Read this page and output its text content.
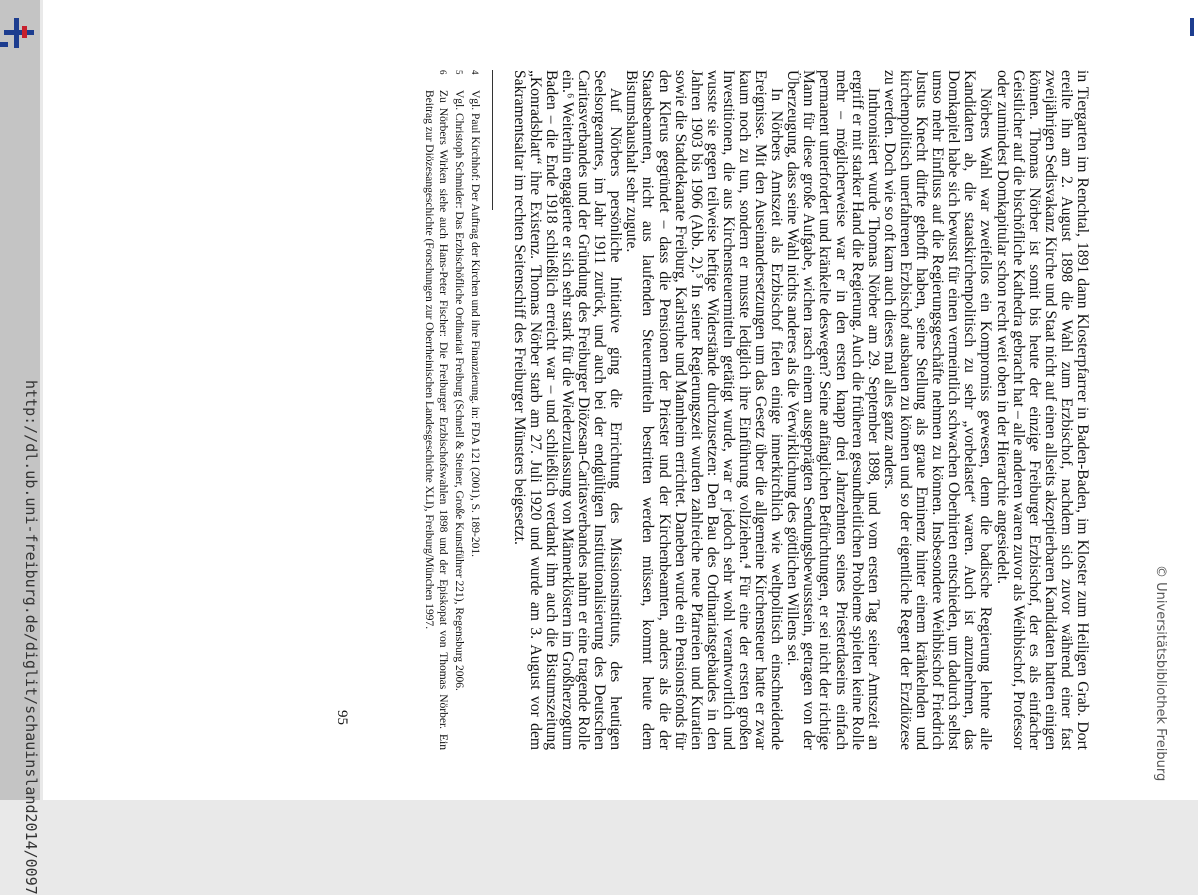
http://dl.ub.uni-freiburg.de/diglit/schauinsland2014/0097	in Tiergarten im Renchtal, 1891 dann Klosterpfarrer in Baden-Baden, im Kloster zum Heiligen Grab. Dort ereilte ihn am 2. August 1898 die Wahl zum Erzbischof, nachdem sich zuvor während einer fast zweijährigen Sedisvakanz Kirche und Staat nicht auf einen allseits akzeptierbaren Kandidaten hatten einigen können. Thomas Nörber ist somit bis heute der einzige Freiburger Erzbischof, der es als einfacher Geistlicher auf die bischöfliche Kathedra gebracht hat – alle anderen waren zuvor als Weihbischof, Professor oder zumindest Domkapitular schon recht weit oben in der Hierarchie angesiedelt.

Nörbers Wahl war zweifellos ein Kompromiss gewesen, denn die badische Regierung lehnte alle Kandidaten ab, die staatskirchenpolitisch zu sehr „vorbelastet“ waren. Auch ist anzunehmen, das Domkapitel habe sich bewusst für einen vermeintlich schwachen Oberhirten entschieden, um dadurch selbst umso mehr Einfluss auf die Regierungsgeschäfte nehmen zu können. Insbesondere Weihbischof Friedrich Justus Knecht dürfte gehofft haben, seine Stellung als graue Eminenz hinter einem kränkelnden und kirchenpolitisch unerfahrenen Erzbischof ausbauen zu können und so der eigentliche Regent der Erzdiözese zu werden. Doch wie so oft kam auch dieses mal alles ganz anders.

Inthronisiert wurde Thomas Nörber am 29. September 1898, und vom ersten Tag seiner Amtszeit an ergriff er mit starker Hand die Regierung. Auch die früheren gesundheitlichen Probleme spielten keine Rolle mehr – möglicherweise war er in den ersten knapp drei Jahrzehnten seines Priesterdaseins einfach permanent unterfordert und kränkelte deswegen? Seine anfänglichen Befürchtungen, er sei nicht der richtige Mann für diese große Aufgabe, wichen rasch einem ausgeprägten Sendungsbewusstsein, getragen von der Überzeugung, dass seine Wahl nichts anderes als die Verwirklichung des göttlichen Willens sei.

In Nörbers Amtszeit als Erzbischof fielen einige innerkirchlich wie weltpolitisch einschneidende Ereignisse. Mit den Auseinandersetzungen um das Gesetz über die allgemeine Kirchensteuer hatte er zwar kaum noch zu tun, sondern er musste lediglich ihre Einführung vollziehen.⁴ Für eine der ersten großen Investitionen, die aus Kirchensteuermitteln getätigt wurde, war er jedoch sehr wohl verantwortlich und wusste sie gegen teilweise heftige Widerstände durchzusetzen: Den Bau des Ordinariatsgebäudes in den Jahren 1903 bis 1906 (Abb. 2).⁵ In seiner Regierungszeit wurden zahlreiche neue Pfarreien und Kuratien sowie die Stadtdekanate Freiburg, Karlsruhe und Mannheim errichtet. Daneben wurde ein Pensionsfonds für den Klerus gegründet – dass die Pensionen der Priester und der Kirchenbeamten, anders als die der Staatsbeamten, nicht aus laufenden Steuermitteln bestritten werden müssen, kommt heute dem Bistumshaushalt sehr zugute.

Auf Nörbers persönliche Initiative ging die Errichtung des Missionsinstituts, des heutigen Seelsorgeamtes, im Jahr 1911 zurück, und auch bei der endgültigen Institutionalisierung des Deutschen Caritasverbandes und der Gründung des Freiburger Diözesan-Caritasverbandes nahm er eine tragende Rolle ein.⁶ Weiterhin engagierte er sich sehr stark für die Wiederzulassung von Männerklöstern im Großherzogtum Baden – die Ende 1918 schließlich erreicht war – und schließlich verdankt ihm auch die Bistumszeitung „Konradsblatt“ ihre Existenz. Thomas Nörber starb am 27. Juli 1920 und wurde am 3. August vor dem Sakramentsaltar im rechten Seitenschiff des Freiburger Münsters beigesetzt.

4
Vgl. Paul Kirchhof: Der Auftrag der Kirchen und ihre Finanzierung. in: FDA 121 (2001), S. 189-201.
5
Vgl. Christoph Schmider: Das Erzbischöfliche Ordinariat Freiburg (Schnell & Steiner, Große Kunstführer 221), Regensburg 2006.
6
Zu Nörbers Wirken siehe auch Hans-Peter Fischer: Die Freiburger Erzbischofswahlen 1898 und der Episkopat von Thomas Nörber. Ein Beitrag zur Diözesangeschichte (Forschungen zur Oberrheinischen Landesgeschichte XLI), Freiburg/München 1997.
95	© Universitätsbibliothek Freiburg
